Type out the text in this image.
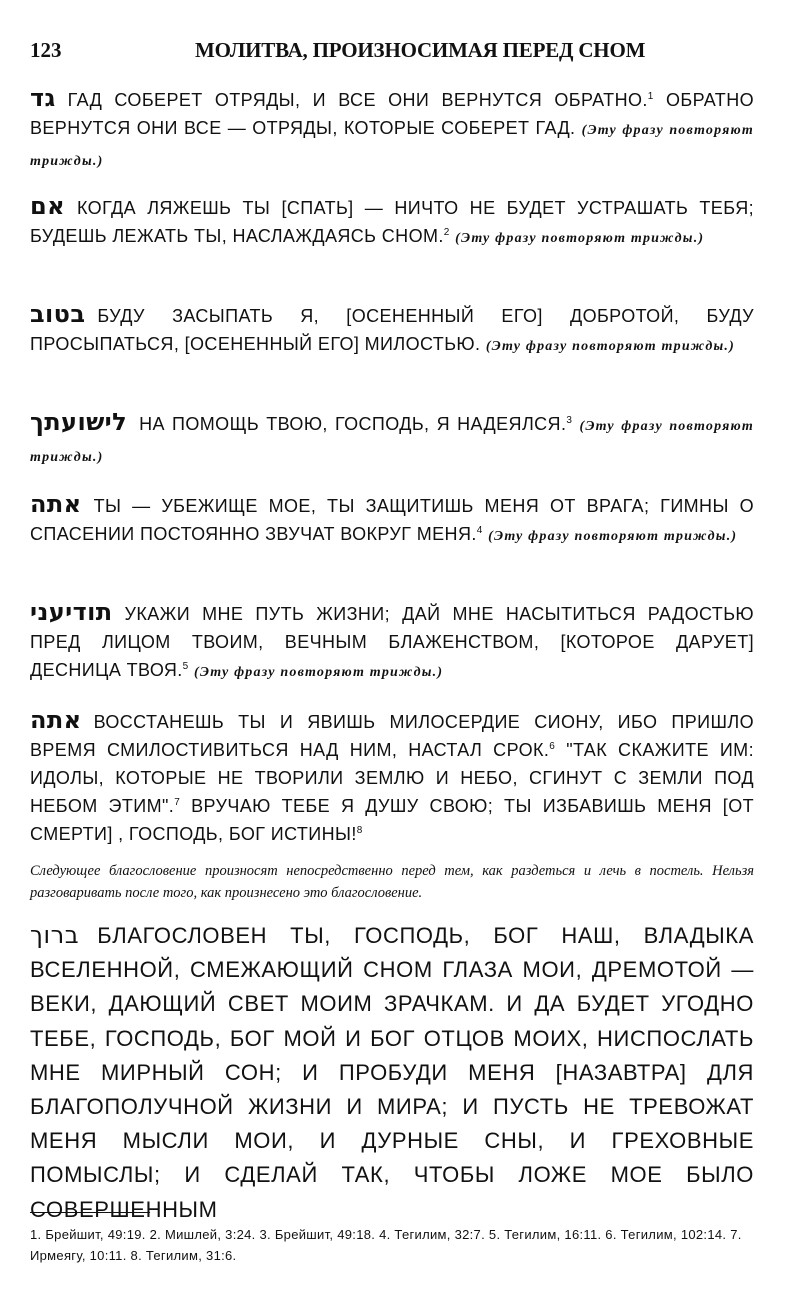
123	МОЛИТВА, ПРОИЗНОСИМАЯ ПЕРЕД СНОМ
גד ГАД СОБЕРЕТ ОТРЯДЫ, И ВСЕ ОНИ ВЕРНУТСЯ ОБРАТНО.$^1$ ОБРАТНО ВЕРНУТСЯ ОНИ ВСЕ — ОТРЯДЫ, КОТОРЫЕ СОБЕРЕТ ГАД. (Эту фразу повторяют трижды.)
אם КОГДА ЛЯЖЕШЬ ТЫ [СПАТЬ] — НИЧТО НЕ БУДЕТ УСТРАШАТЬ ТЕБЯ; БУДЕШЬ ЛЕЖАТЬ ТЫ, НАСЛАЖДАЯСЬ СНОМ.$^2$ (Эту фразу повторяют трижды.)
בטוב БУДУ ЗАСЫПАТЬ Я, [ОСЕНЕННЫЙ ЕГО] ДОБРОТОЙ, БУДУ ПРОСЫПАТЬСЯ, [ОСЕНЕННЫЙ ЕГО] МИЛОСТЬЮ. (Эту фразу повторяют трижды.)
לישועתך НА ПОМОЩЬ ТВОЮ, ГОСПОДЬ, Я НАДЕЯЛСЯ.$^3$ (Эту фразу повторяют трижды.)
אתה ТЫ — УБЕЖИЩЕ МОЕ, ТЫ ЗАЩИТИШЬ МЕНЯ ОТ ВРАГА; ГИМНЫ О СПАСЕНИИ ПОСТОЯННО ЗВУЧАТ ВОКРУГ МЕНЯ.$^4$ (Эту фразу повторяют трижды.)
תודיעני УКАЖИ МНЕ ПУТЬ ЖИЗНИ; ДАЙ МНЕ НАСЫТИТЬСЯ РАДОСТЬЮ ПРЕД ЛИЦОМ ТВОИМ, ВЕЧНЫМ БЛАЖЕНСТВОМ, [КОТОРОЕ ДАРУЕТ] ДЕСНИЦА ТВОЯ.$^5$ (Эту фразу повторяют трижды.)
אתה ВОССТАНЕШЬ ТЫ И ЯВИШЬ МИЛОСЕРДИЕ СИОНУ, ИБО ПРИШЛО ВРЕМЯ СМИЛОСТИВИТЬСЯ НАД НИМ, НАСТАЛ СРОК.$^6$ "ТАК СКАЖИТЕ ИМ: ИДОЛЫ, КОТОРЫЕ НЕ ТВОРИЛИ ЗЕМЛЮ И НЕБО, СГИНУТ С ЗЕМЛИ ПОД НЕБОМ ЭТИМ".$^7$ ВРУЧАЮ ТЕБЕ Я ДУШУ СВОЮ; ТЫ ИЗБАВИШЬ МЕНЯ [ОТ СМЕРТИ] , ГОСПОДЬ, БОГ ИСТИНЫ!$^8$
Следующее благословение произносят непосредственно перед тем, как раздеться и лечь в постель. Нельзя разговаривать после того, как произнесено это благословение.
ברוך БЛАГОСЛОВЕН ТЫ, ГОСПОДЬ, БОГ НАШ, ВЛАДЫКА ВСЕЛЕННОЙ, СМЕЖАЮЩИЙ СНОМ ГЛАЗА МОИ, ДРЕМОТОЙ — ВЕКИ, ДАЮЩИЙ СВЕТ МОИМ ЗРАЧКАМ. И ДА БУДЕТ УГОДНО ТЕБЕ, ГОСПОДЬ, БОГ МОЙ И БОГ ОТЦОВ МОИХ, НИСПОСЛАТЬ МНЕ МИРНЫЙ СОН; И ПРОБУДИ МЕНЯ [НАЗАВТРА] ДЛЯ БЛАГОПОЛУЧНОЙ ЖИЗНИ И МИРА; И ПУСТЬ НЕ ТРЕВОЖАТ МЕНЯ МЫСЛИ МОИ, И ДУРНЫЕ СНЫ, И ГРЕХОВНЫЕ ПОМЫСЛЫ; И СДЕЛАЙ ТАК, ЧТОБЫ ЛОЖЕ МОЕ БЫЛО СОВЕРШЕННЫМ
1. Брейшит, 49:19. 2. Мишлей, 3:24. 3. Брейшит, 49:18. 4. Тегилим, 32:7. 5. Тегилим, 16:11. 6. Тегилим, 102:14. 7. Ирмеягу, 10:11. 8. Тегилим, 31:6.
